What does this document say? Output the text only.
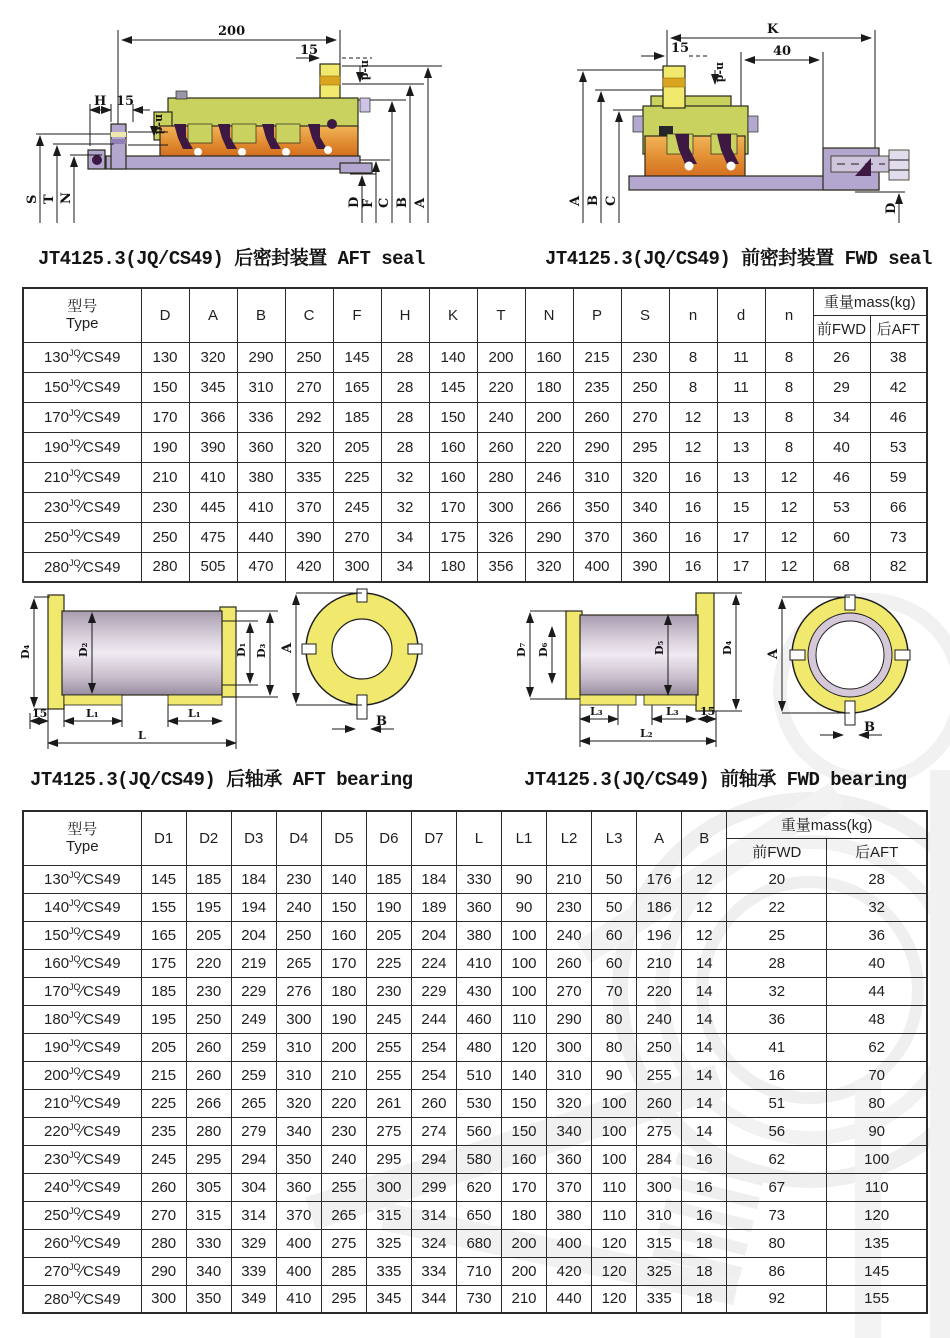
200
15
n-d
H 15
n-d
S T N	D F C B A
K
15
n-d
40
A B C
D
JT4125.3(JQ/CS49) 后密封装置 AFT seal	JT4125.3(JQ/CS49) 前密封装置 FWD seal
型号
Type	D	A	B	C	F	H	K	T	N	P	S	n	d	n	重量mass(kg)	
															前FWD	后AFT
$130^{JQ}∕CS49$	130	320	290	250	145	28	140	200	160	215	230	8	11	8	26	38
$150^{JQ}∕CS49$	150	345	310	270	165	28	145	220	180	235	250	8	11	8	29	42
$170^{JQ}∕CS49$	170	366	336	292	185	28	150	240	200	260	270	12	13	8	34	46
$190^{JQ}∕CS49$	190	390	360	320	205	28	160	260	220	290	295	12	13	8	40	53
$210^{JQ}∕CS49$	210	410	380	335	225	32	160	280	246	310	320	16	13	12	46	59
$230^{JQ}∕CS49$	230	445	410	370	245	32	170	300	266	350	340	16	15	12	53	66
$250^{JQ}∕CS49$	250	475	440	390	270	34	175	326	290	370	360	16	17	12	60	73
$280^{JQ}∕CS49$	280	505	470	420	300	34	180	356	320	400	390	16	17	12	68	82
D₄	D₂	D₁ D₃
15	L₁	L₁
L
A
B
D₇ D₆	D₅	D₄
L₃	L₃ 15
L₂
A
B
JT4125.3(JQ/CS49) 后轴承 AFT bearing	JT4125.3(JQ/CS49) 前轴承 FWD bearing
型号
Type	D1	D2	D3	D4	D5	D6	D7	L	L1	L2	L3	A	B	重量mass(kg)	
														前FWD	后AFT
$130^{JQ}∕CS49$	145	185	184	230	140	185	184	330	90	210	50	176	12	20	28
$140^{JQ}∕CS49$	155	195	194	240	150	190	189	360	90	230	50	186	12	22	32
$150^{JQ}∕CS49$	165	205	204	250	160	205	204	380	100	240	60	196	12	25	36
$160^{JQ}∕CS49$	175	220	219	265	170	225	224	410	100	260	60	210	14	28	40
$170^{JQ}∕CS49$	185	230	229	276	180	230	229	430	100	270	70	220	14	32	44
$180^{JQ}∕CS49$	195	250	249	300	190	245	244	460	110	290	80	240	14	36	48
$190^{JQ}∕CS49$	205	260	259	310	200	255	254	480	120	300	80	250	14	41	62
$200^{JQ}∕CS49$	215	260	259	310	210	255	254	510	140	310	90	255	14	16	70
$210^{JQ}∕CS49$	225	266	265	320	220	261	260	530	150	320	100	260	14	51	80
$220^{JQ}∕CS49$	235	280	279	340	230	275	274	560	150	340	100	275	14	56	90
$230^{JQ}∕CS49$	245	295	294	350	240	295	294	580	160	360	100	284	16	62	100
$240^{JQ}∕CS49$	260	305	304	360	255	300	299	620	170	370	110	300	16	67	110
$250^{JQ}∕CS49$	270	315	314	370	265	315	314	650	180	380	110	310	16	73	120
$260^{JQ}∕CS49$	280	330	329	400	275	325	324	680	200	400	120	315	18	80	135
$270^{JQ}∕CS49$	290	340	339	400	285	335	334	710	200	420	120	325	18	86	145
$280^{JQ}∕CS49$	300	350	349	410	295	345	344	730	210	440	120	335	18	92	155
